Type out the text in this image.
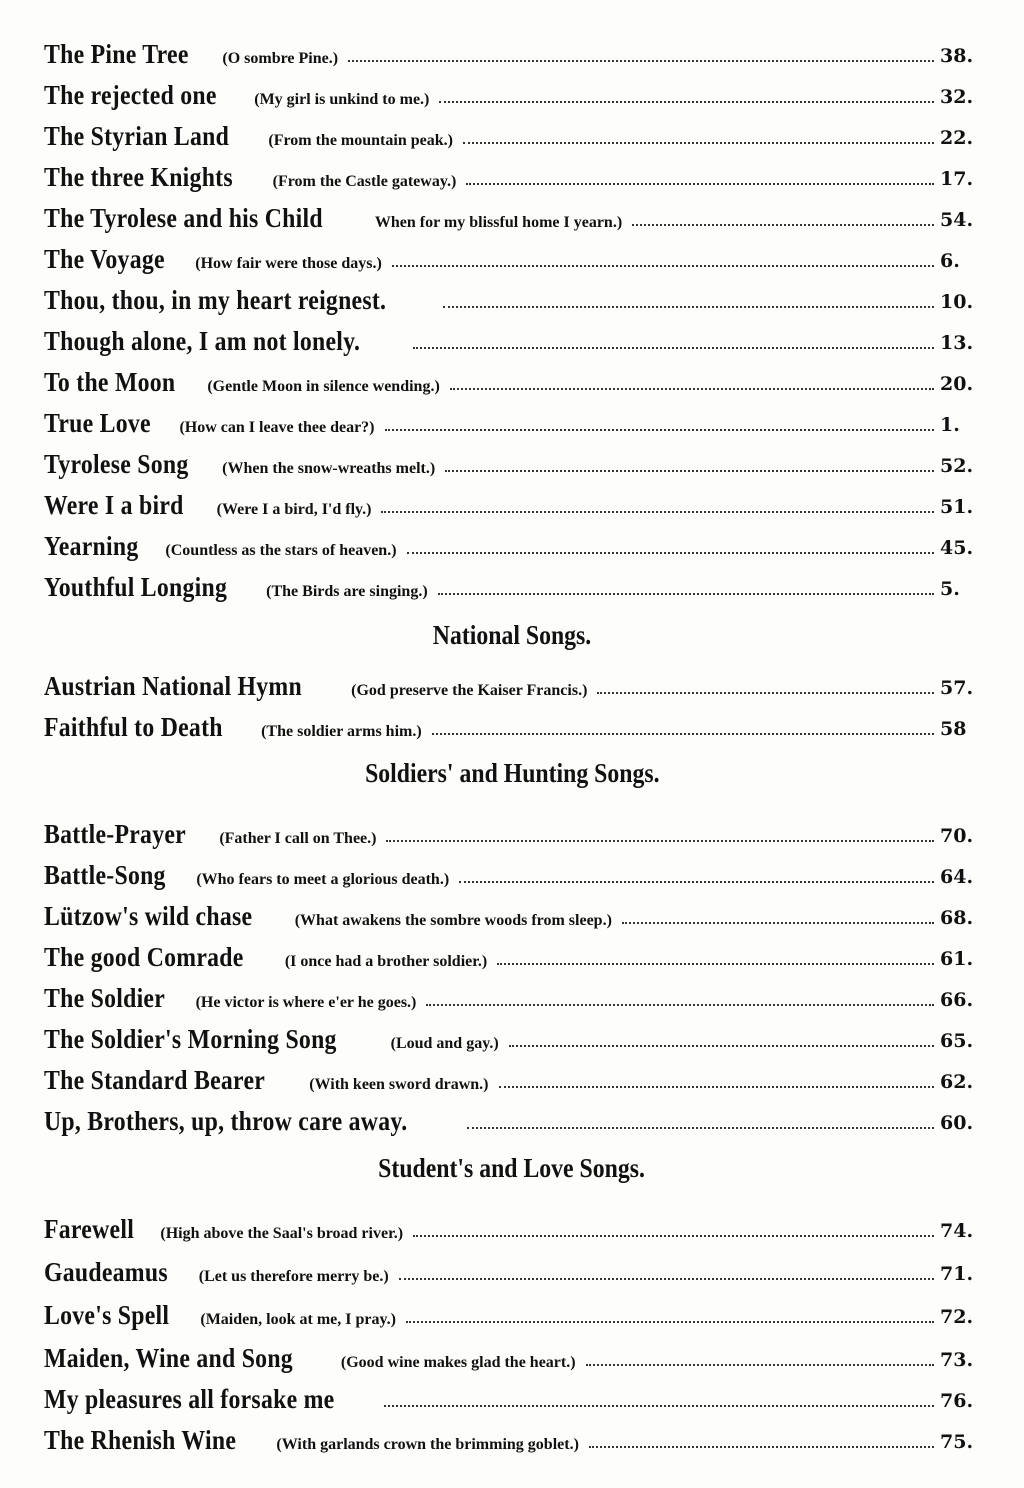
The Pine Tree (O sombre Pine.)	38.
The rejected one (My girl is unkind to me.)	32.
The Styrian Land (From the mountain peak.)	22.
The three Knights (From the Castle gateway.)	17.
The Tyrolese and his Child	When for my blissful home I yearn.)	54.
The Voyage (How fair were those days.)	6.
Thou, thou, in my heart reignest.	10.
Though alone, I am not lonely.	13.
To the Moon (Gentle Moon in silence wending.)	20.
True Love (How can I leave thee dear?)	1.
Tyrolese Song (When the snow-wreaths melt.)	52.
Were I a bird (Were I a bird, I'd fly.)	51.
Yearning (Countless as the stars of heaven.)	45.
Youthful Longing (The Birds are singing.)	5.
National Songs.
Austrian National Hymn	(God preserve the Kaiser Francis.)	57.
Faithful to Death (The soldier arms him.)	58
Soldiers' and Hunting Songs.
Battle-Prayer (Father I call on Thee.)	70.
Battle-Song (Who fears to meet a glorious death.)	64.
Lützow's wild chase	(What awakens the sombre woods from sleep.)	68.
The good Comrade	(I once had a brother soldier.)	61.
The Soldier (He victor is where e'er he goes.)	66.
The Soldier's Morning Song	(Loud and gay.)	65.
The Standard Bearer	(With keen sword drawn.)	62.
Up, Brothers, up, throw care away.	60.
Student's and Love Songs.
Farewell (High above the Saal's broad river.)	74.
Gaudeamus (Let us therefore merry be.)	71.
Love's Spell (Maiden, look at me, I pray.)	72.
Maiden, Wine and Song	(Good wine makes glad the heart.)	73.
My pleasures all forsake me	76.
The Rhenish Wine	(With garlands crown the brimming goblet.)	75.
